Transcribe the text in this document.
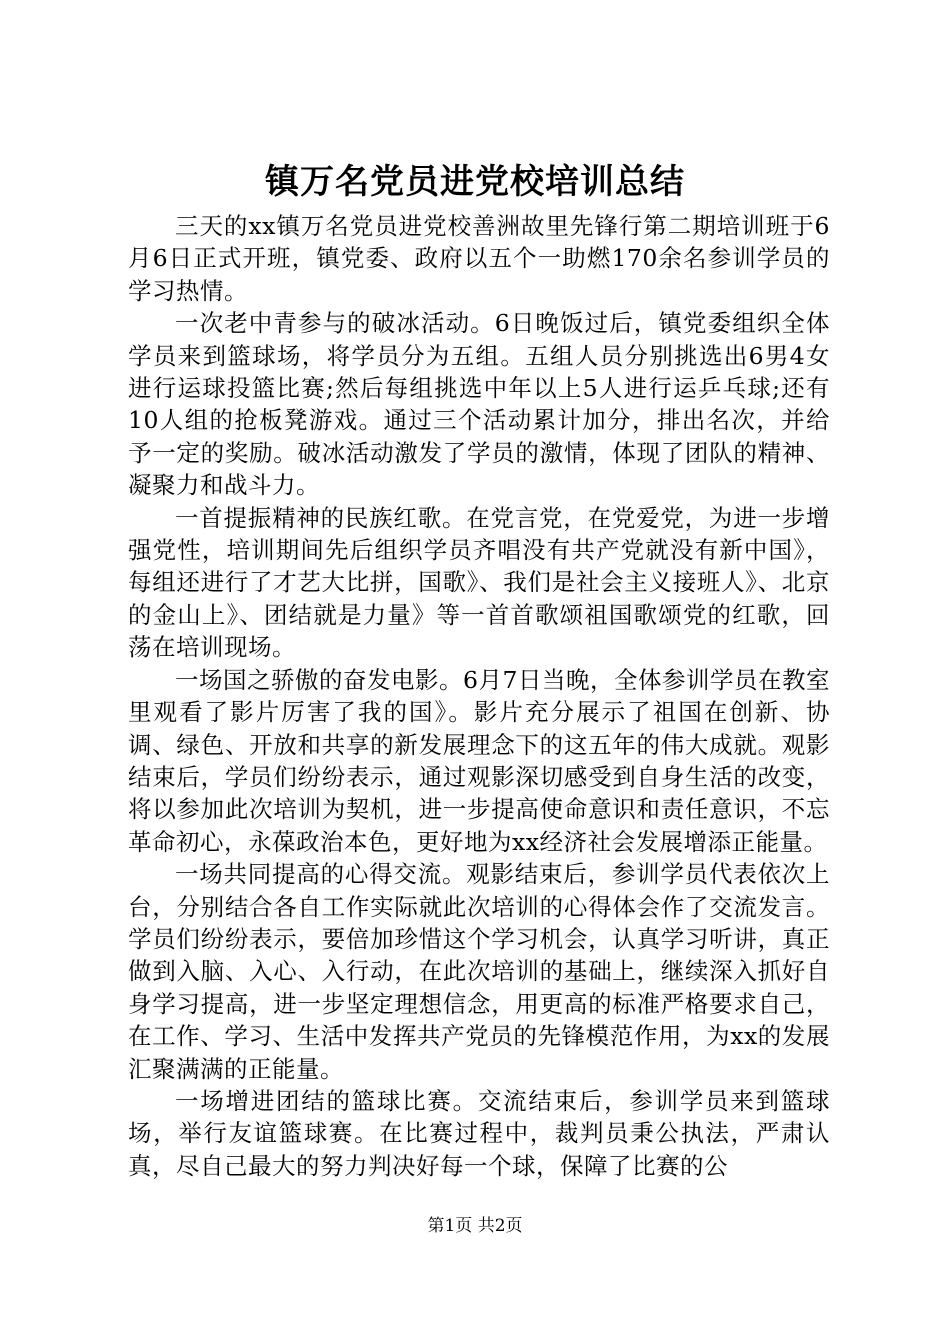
镇万名党员进党校培训总结

三天的xx镇万名党员进党校善洲故里先锋行第二期培训班于6月6日正式开班，镇党委、政府以五个一助燃170余名参训学员的学习热情。

一次老中青参与的破冰活动。6日晚饭过后，镇党委组织全体学员来到篮球场，将学员分为五组。五组人员分别挑选出6男4女进行运球投篮比赛;然后每组挑选中年以上5人进行运乒乓球;还有10人组的抢板凳游戏。通过三个活动累计加分，排出名次，并给予一定的奖励。破冰活动激发了学员的激情，体现了团队的精神、凝聚力和战斗力。

一首提振精神的民族红歌。在党言党，在党爱党，为进一步增强党性，培训期间先后组织学员齐唱没有共产党就没有新中国》，每组还进行了才艺大比拼，国歌》、我们是社会主义接班人》、北京的金山上》、团结就是力量》等一首首歌颂祖国歌颂党的红歌，回荡在培训现场。

一场国之骄傲的奋发电影。6月7日当晚，全体参训学员在教室里观看了影片厉害了我的国》。影片充分展示了祖国在创新、协调、绿色、开放和共享的新发展理念下的这五年的伟大成就。观影结束后，学员们纷纷表示，通过观影深切感受到自身生活的改变，将以参加此次培训为契机，进一步提高使命意识和责任意识，不忘革命初心，永葆政治本色，更好地为xx经济社会发展增添正能量。

一场共同提高的心得交流。观影结束后，参训学员代表依次上台，分别结合各自工作实际就此次培训的心得体会作了交流发言。学员们纷纷表示，要倍加珍惜这个学习机会，认真学习听讲，真正做到入脑、入心、入行动，在此次培训的基础上，继续深入抓好自身学习提高，进一步坚定理想信念，用更高的标准严格要求自己，在工作、学习、生活中发挥共产党员的先锋模范作用，为xx的发展汇聚满满的正能量。

一场增进团结的篮球比赛。交流结束后，参训学员来到篮球场，举行友谊篮球赛。在比赛过程中，裁判员秉公执法，严肃认真，尽自己最大的努力判决好每一个球，保障了比赛的公

第1页 共2页
